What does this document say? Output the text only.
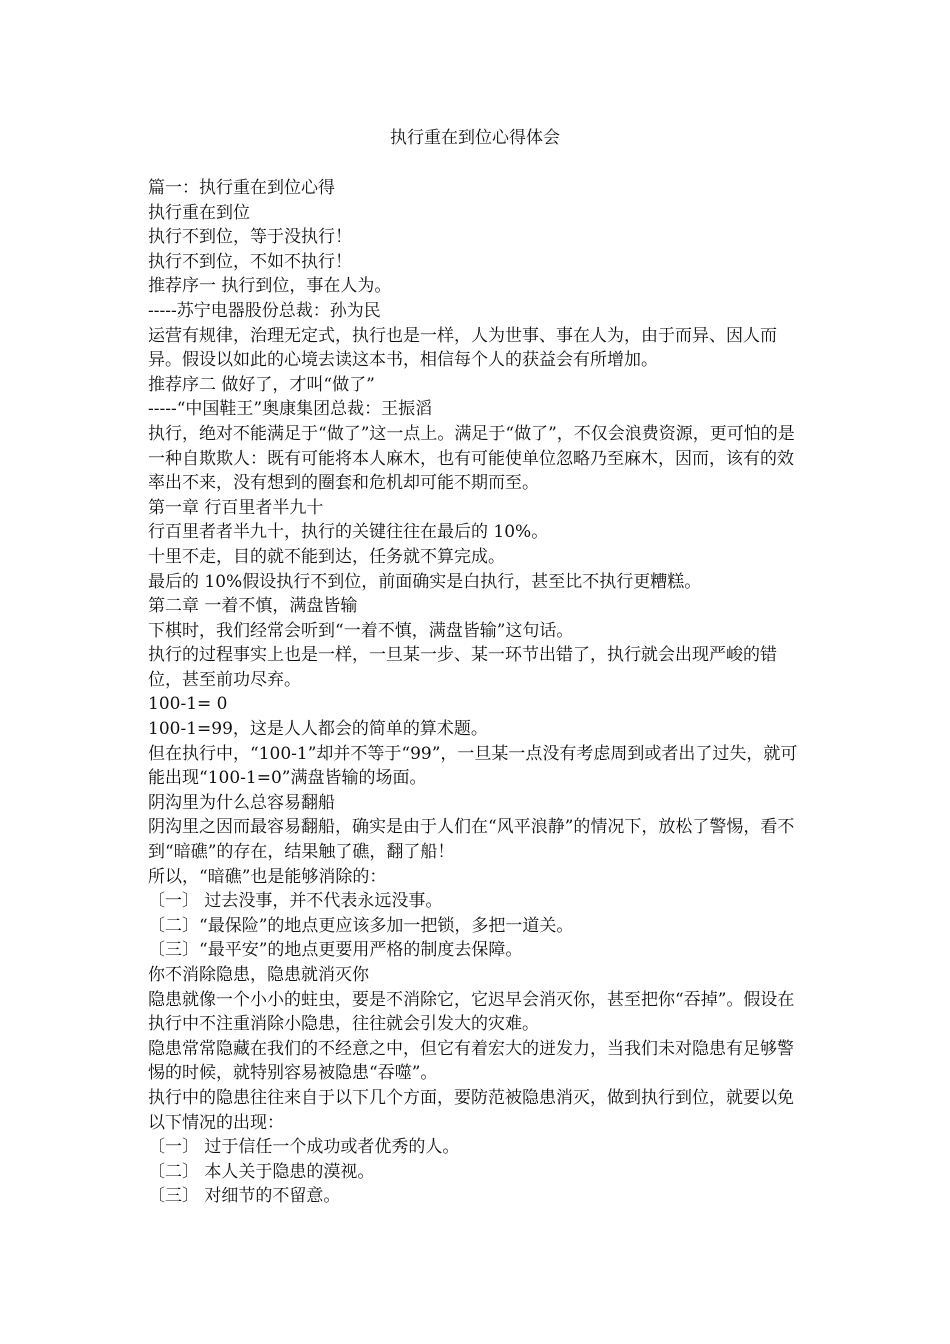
执行重在到位心得体会

篇一：执行重在到位心得

执行重在到位

执行不到位，等于没执行！

执行不到位，不如不执行！

推荐序一 执行到位，事在人为。

-----苏宁电器股份总裁：孙为民

运营有规律，治理无定式，执行也是一样，人为世事、事在人为，由于而异、因人而异。假设以如此的心境去读这本书，相信每个人的获益会有所增加。

推荐序二 做好了，才叫“做了”

-----“中国鞋王”奥康集团总裁：王振滔

执行，绝对不能满足于“做了”这一点上。满足于“做了”，不仅会浪费资源，更可怕的是一种自欺欺人：既有可能将本人麻木，也有可能使单位忽略乃至麻木，因而，该有的效率出不来，没有想到的圈套和危机却可能不期而至。

第一章 行百里者半九十

行百里者者半九十，执行的关键往往在最后的 10%。

十里不走，目的就不能到达，任务就不算完成。

最后的 10%假设执行不到位，前面确实是白执行，甚至比不执行更糟糕。

第二章 一着不慎，满盘皆输

下棋时，我们经常会听到“一着不慎，满盘皆输”这句话。

执行的过程事实上也是一样，一旦某一步、某一环节出错了，执行就会出现严峻的错位，甚至前功尽弃。

100-1= 0

100-1=99，这是人人都会的简单的算术题。

但在执行中，“100-1”却并不等于“99”，一旦某一点没有考虑周到或者出了过失，就可能出现“100-1=0”满盘皆输的场面。

阴沟里为什么总容易翻船

阴沟里之因而最容易翻船，确实是由于人们在“风平浪静”的情况下，放松了警惕，看不到“暗礁”的存在，结果触了礁，翻了船！

所以，“暗礁”也是能够消除的：

〔一〕 过去没事，并不代表永远没事。

〔二〕“最保险”的地点更应该多加一把锁，多把一道关。

〔三〕“最平安”的地点更要用严格的制度去保障。

你不消除隐患，隐患就消灭你

隐患就像一个小小的蛀虫，要是不消除它，它迟早会消灭你，甚至把你“吞掉”。假设在执行中不注重消除小隐患，往往就会引发大的灾难。

隐患常常隐藏在我们的不经意之中，但它有着宏大的迸发力，当我们未对隐患有足够警惕的时候，就特别容易被隐患“吞噬”。

执行中的隐患往往来自于以下几个方面，要防范被隐患消灭，做到执行到位，就要以免以下情况的出现：

〔一〕 过于信任一个成功或者优秀的人。

〔二〕 本人关于隐患的漠视。

〔三〕 对细节的不留意。
